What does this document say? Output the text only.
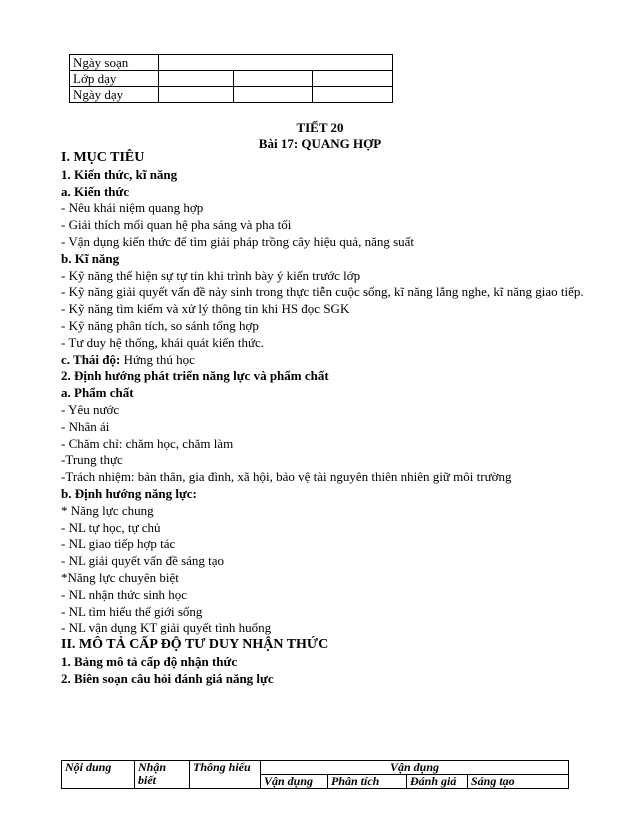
Ngày soạn			
Lớp dạy			
Ngày dạy			
TIẾT 20
Bài 17: QUANG HỢP
I. MỤC TIÊU
1. Kiến thức, kĩ năng
a. Kiến thức
- Nêu khái niệm quang hợp
- Giải thích mối quan hệ pha sáng và pha tối
- Vận dụng kiến thức để tìm giải pháp trồng cây hiệu quả, năng suất
b. Kĩ năng
- Kỹ năng thể hiện sự tự tin khi trình bày ý kiến trước lớp
- Kỹ năng giải quyết vấn đề nảy sinh trong thực tiễn cuộc sống, kĩ năng lắng nghe, kĩ năng giao tiếp.
- Kỹ năng tìm kiếm và xử lý thông tin khi HS đọc SGK
- Kỹ năng phân tích, so sánh tổng hợp
- Tư duy hệ thống, khái quát kiến thức.
c. Thái độ: Hứng thú học
2. Định hướng phát triển năng lực và phẩm chất
a. Phẩm chất
- Yêu nước
- Nhân ái
- Chăm chỉ: chăm học, chăm làm
-Trung thực
-Trách nhiệm: bản thân, gia đình, xã hội, bảo vệ tài nguyên thiên nhiên giữ môi trường
b. Định hướng năng lực:
* Năng lực chung
- NL tự học, tự chủ
- NL giao tiếp hợp tác
- NL giải quyết vấn đề sáng tạo
*Năng lực chuyên biệt
- NL nhận thức sinh học
- NL tìm hiểu thế giới sống
- NL vận dụng KT giải quyết tình huống
II. MÔ TẢ CẤP ĐỘ TƯ DUY NHẬN THỨC
1. Bảng mô tả cấp độ nhận thức
2. Biên soạn câu hỏi đánh giá năng lực
Nội dung	Nhận biết	Thông hiểu	Vận dụng			
			Vận dụng	Phân tích	Đánh giá	Sáng tạo
